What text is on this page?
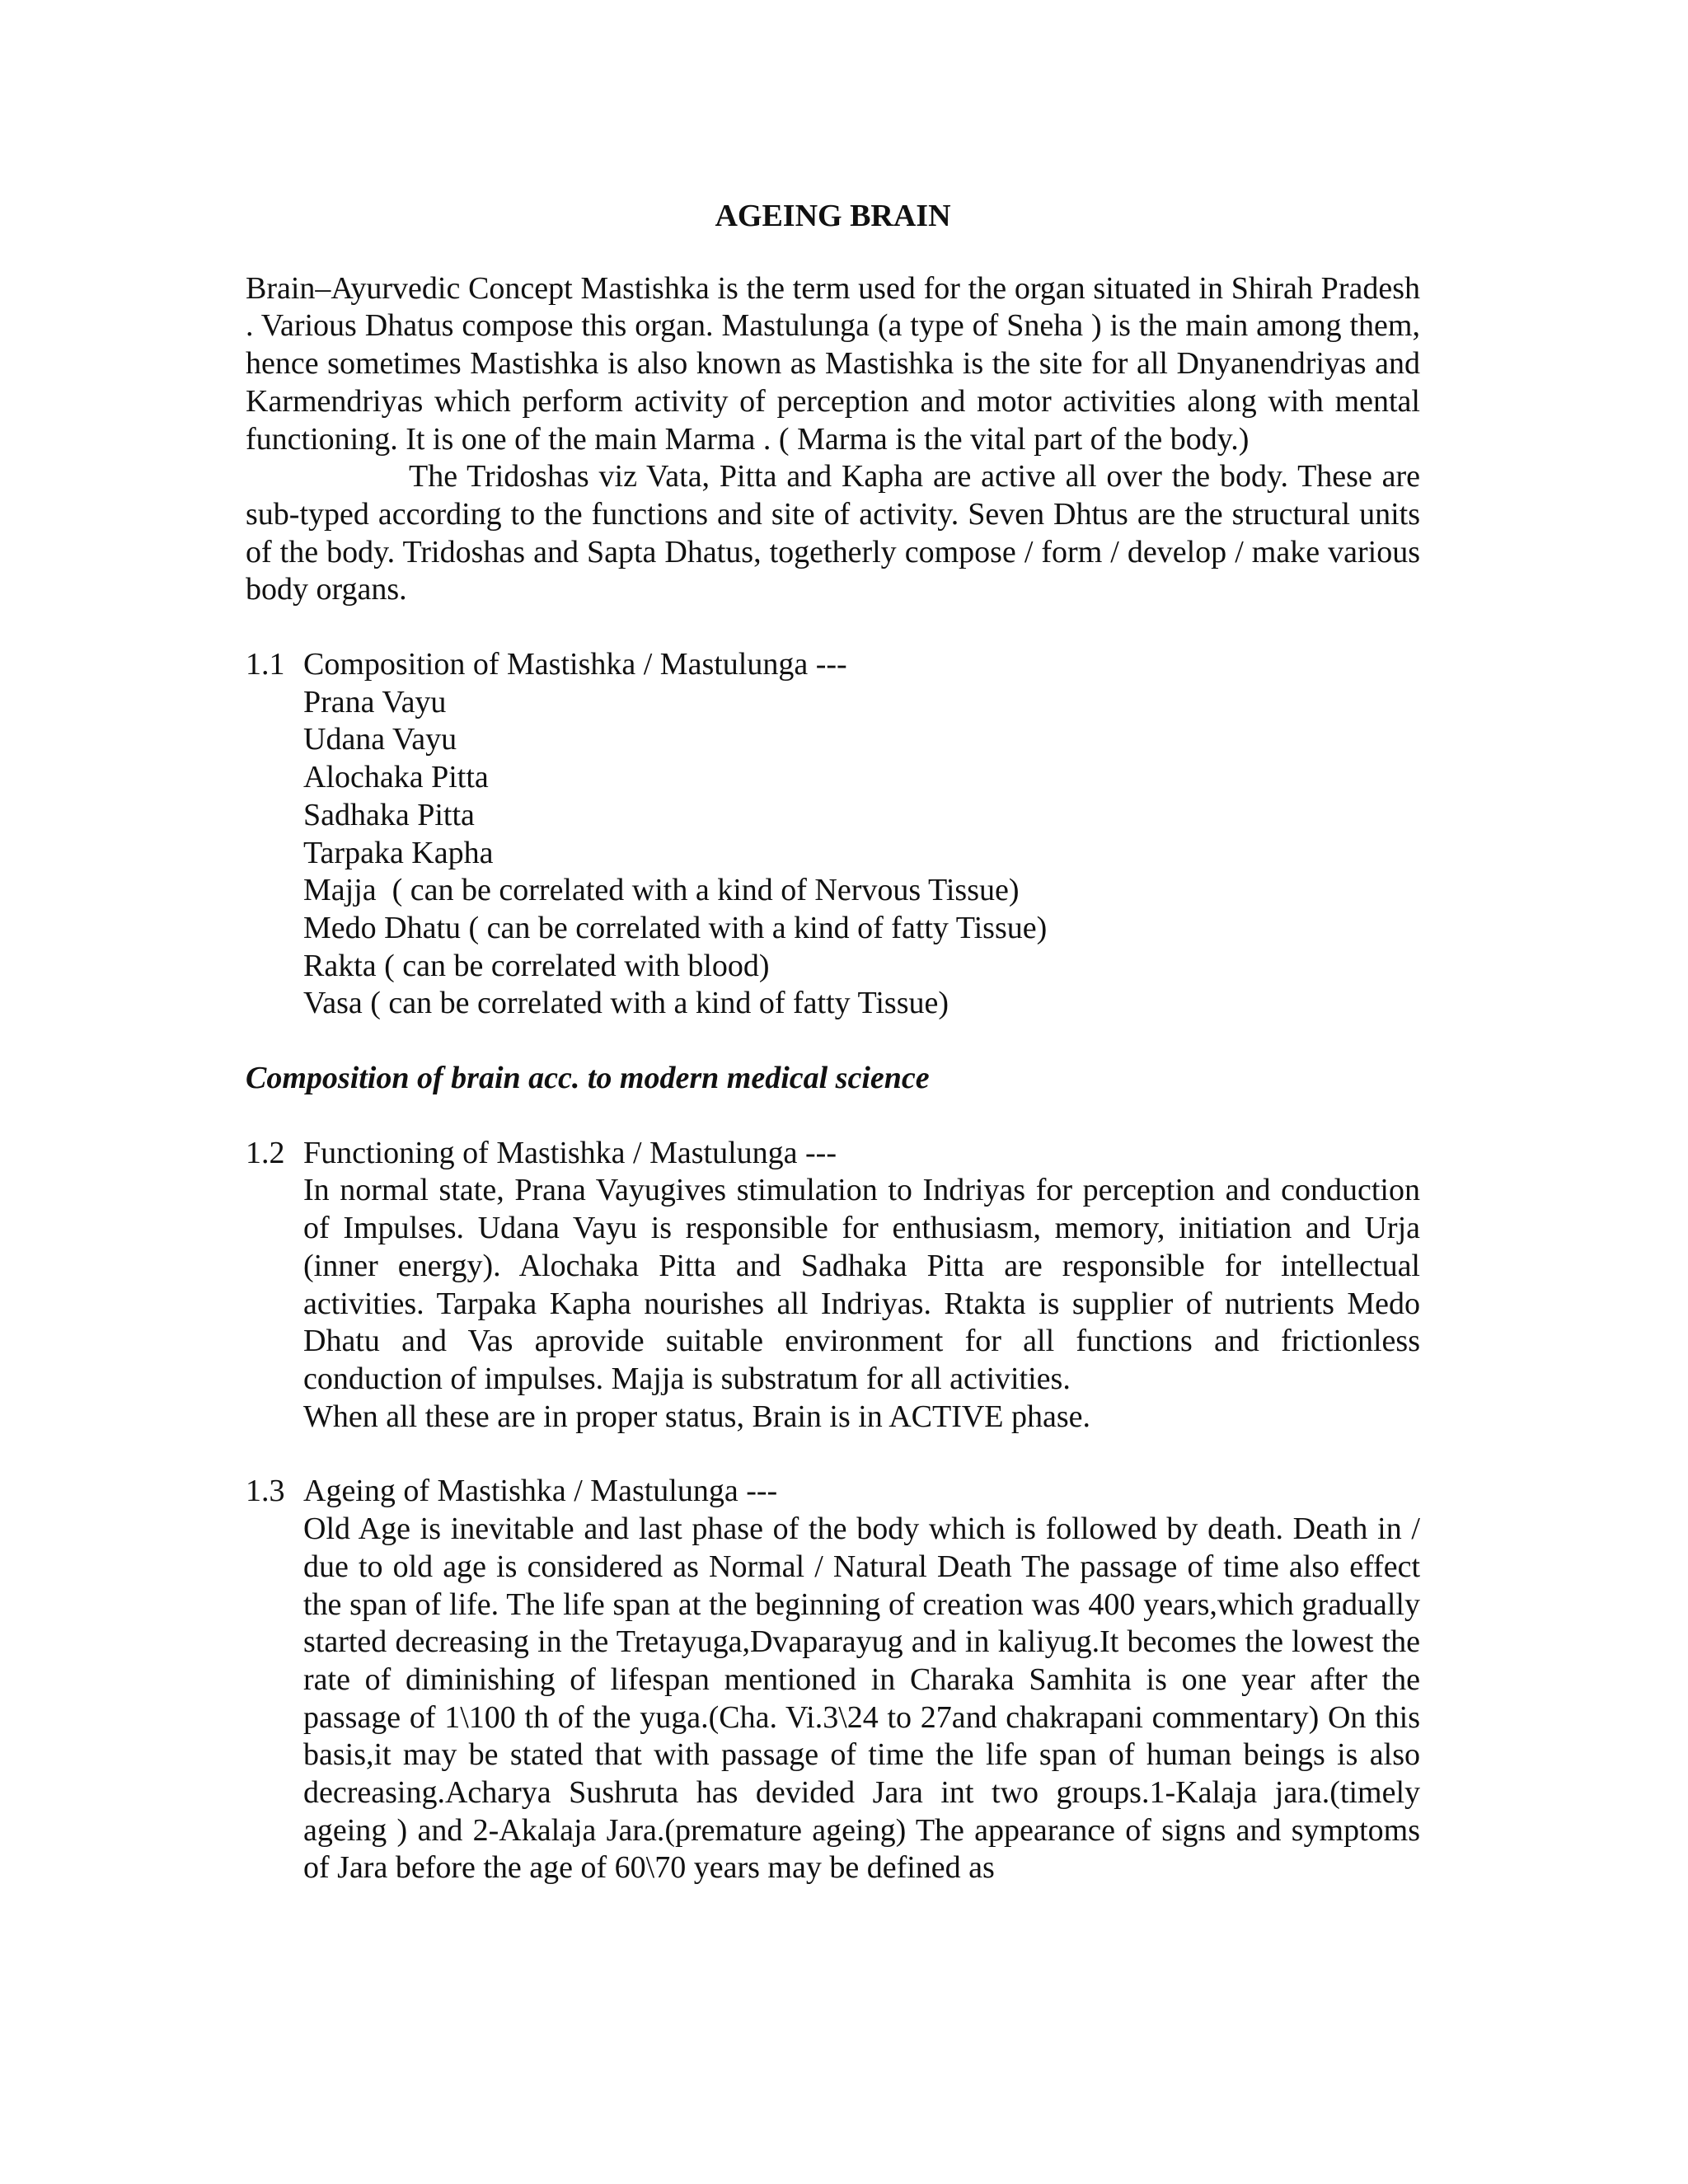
AGEING BRAIN

Brain–Ayurvedic Concept Mastishka is the term used for the organ situated in Shirah Pradesh . Various Dhatus compose this organ. Mastulunga (a type of Sneha ) is the main among them, hence sometimes Mastishka is also known as Mastishka is the site for all Dnyanendriyas and Karmendriyas which perform activity of perception and motor activities along with mental functioning. It is one of the main Marma . ( Marma is the vital part of the body.)

The Tridoshas viz Vata, Pitta and Kapha are active all over the body. These are sub-typed according to the functions and site of activity. Seven Dhtus are the structural units of the body. Tridoshas and Sapta Dhatus, togetherly compose / form / develop / make various body organs.

1.1 Composition of Mastishka / Mastulunga ---
Prana Vayu
Udana Vayu
Alochaka Pitta
Sadhaka Pitta
Tarpaka Kapha
Majja  ( can be correlated with a kind of Nervous Tissue)
Medo Dhatu ( can be correlated with a kind of fatty Tissue)
Rakta ( can be correlated with blood)
Vasa ( can be correlated with a kind of fatty Tissue)

Composition of brain acc. to modern medical science

1.2 Functioning of Mastishka / Mastulunga ---

In normal state, Prana Vayugives stimulation to Indriyas for perception and conduction of Impulses. Udana Vayu is responsible for enthusiasm, memory, initiation and Urja (inner energy). Alochaka Pitta and Sadhaka Pitta are responsible for intellectual activities. Tarpaka Kapha nourishes all Indriyas. Rtakta is supplier of nutrients Medo Dhatu and Vas aprovide suitable environment for all functions and frictionless conduction of impulses. Majja is substratum for all activities.

When all these are in proper status, Brain is in ACTIVE phase.

1.3 Ageing of Mastishka / Mastulunga ---

Old Age is inevitable and last phase of the body which is followed by death. Death in / due to old age is considered as Normal / Natural Death The passage of time also effect the span of life. The life span at the beginning of creation was 400 years,which gradually started decreasing in the Tretayuga,Dvaparayug and in kaliyug.It becomes the lowest the rate of diminishing of lifespan mentioned in Charaka Samhita is one year after the passage of 1\100 th of the yuga.(Cha. Vi.3\24 to 27and chakrapani commentary) On this basis,it may be stated that with passage of time the life span of human beings is also decreasing.Acharya Sushruta has devided Jara int two groups.1-Kalaja jara.(timely ageing ) and 2-Akalaja Jara.(premature ageing) The appearance of signs and symptoms of Jara before the age of 60\70 years may be defined as
